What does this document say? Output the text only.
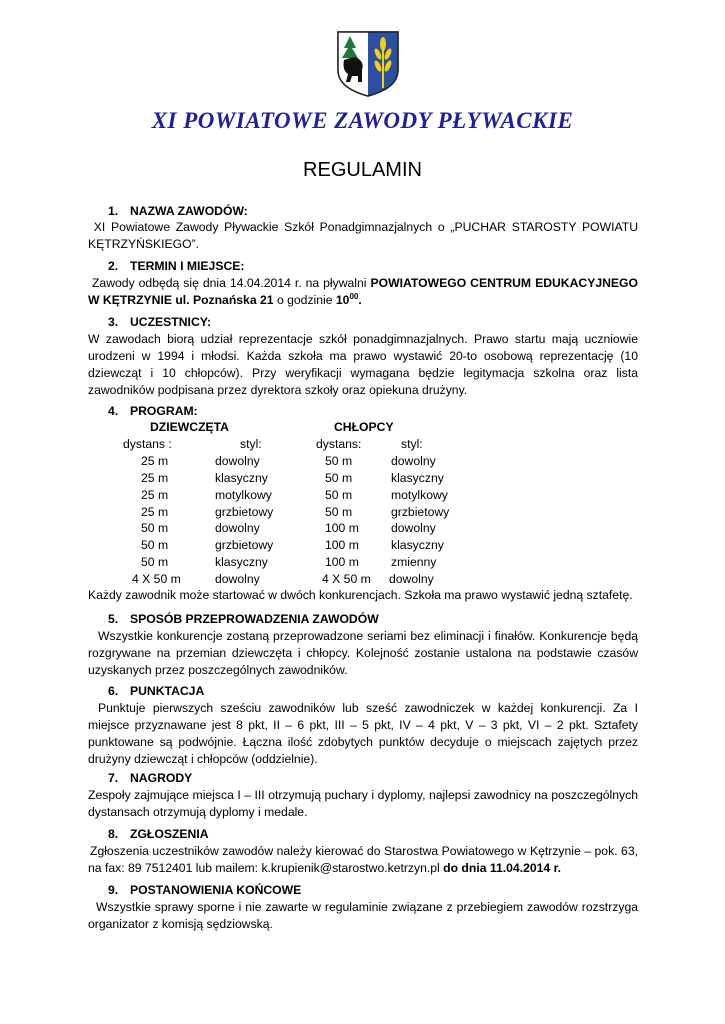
XI POWIATOWE ZAWODY PŁYWACKIE
REGULAMIN
1. NAZWA ZAWODÓW:
XI Powiatowe Zawody Pływackie Szkół Ponadgimnazjalnych o „PUCHAR STAROSTY POWIATU KĘTRZYŃSKIEGO”.
2. TERMIN I MIEJSCE:
Zawody odbędą się dnia 14.04.2014 r. na pływalni POWIATOWEGO CENTRUM EDUKACYJNEGO W KĘTRZYNIE ul. Poznańska 21 o godzinie $10^{00}$.
3. UCZESTNICY:
W zawodach biorą udział reprezentacje szkół ponadgimnazjalnych. Prawo startu mają uczniowie urodzeni w 1994 i młodsi. Każda szkoła ma prawo wystawić 20-to osobową reprezentację (10 dziewcząt i 10 chłopców). Przy weryfikacji wymagana będzie legitymacja szkolna oraz lista zawodników podpisana przez dyrektora szkoły oraz opiekuna drużyny.
4. PROGRAM:
DZIEWCZĘTA	CHŁOPCY
dystans :	styl:	dystans:	styl:
25 m	dowolny	50 m	dowolny
25 m	klasyczny	50 m	klasyczny
25 m	motylkowy	50 m	motylkowy
25 m	grzbietowy	50 m	grzbietowy
50 m	dowolny	100 m	dowolny
50 m	grzbietowy	100 m	klasyczny
50 m	klasyczny	100 m	zmienny
4 X 50 m	dowolny	4 X 50 m dowolny
Każdy zawodnik może startować w dwóch konkurencjach. Szkoła ma prawo wystawić jedną sztafetę.
5. SPOSÓB PRZEPROWADZENIA ZAWODÓW
Wszystkie konkurencje zostaną przeprowadzone seriami bez eliminacji i finałów. Konkurencje będą rozgrywane na przemian dziewczęta i chłopcy. Kolejność zostanie ustalona na podstawie czasów uzyskanych przez poszczególnych zawodników.
6. PUNKTACJA
Punktuje pierwszych sześciu zawodników lub sześć zawodniczek w każdej konkurencji. Za I miejsce przyznawane jest 8 pkt, II – 6 pkt, III – 5 pkt, IV – 4 pkt, V – 3 pkt, VI – 2 pkt. Sztafety punktowane są podwójnie. Łączna ilość zdobytych punktów decyduje o miejscach zajętych przez drużyny dziewcząt i chłopców (oddzielnie).
7. NAGRODY
Zespoły zajmujące miejsca I – III otrzymują puchary i dyplomy, najlepsi zawodnicy na poszczególnych dystansach otrzymują dyplomy i medale.
8. ZGŁOSZENIA
Zgłoszenia uczestników zawodów należy kierować do Starostwa Powiatowego w Kętrzynie – pok. 63, na fax: 89 7512401 lub mailem: k.krupienik@starostwo.ketrzyn.pl do dnia 11.04.2014 r.
9. POSTANOWIENIA KOŃCOWE
Wszystkie sprawy sporne i nie zawarte w regulaminie związane z przebiegiem zawodów rozstrzyga organizator z komisją sędziowską.
